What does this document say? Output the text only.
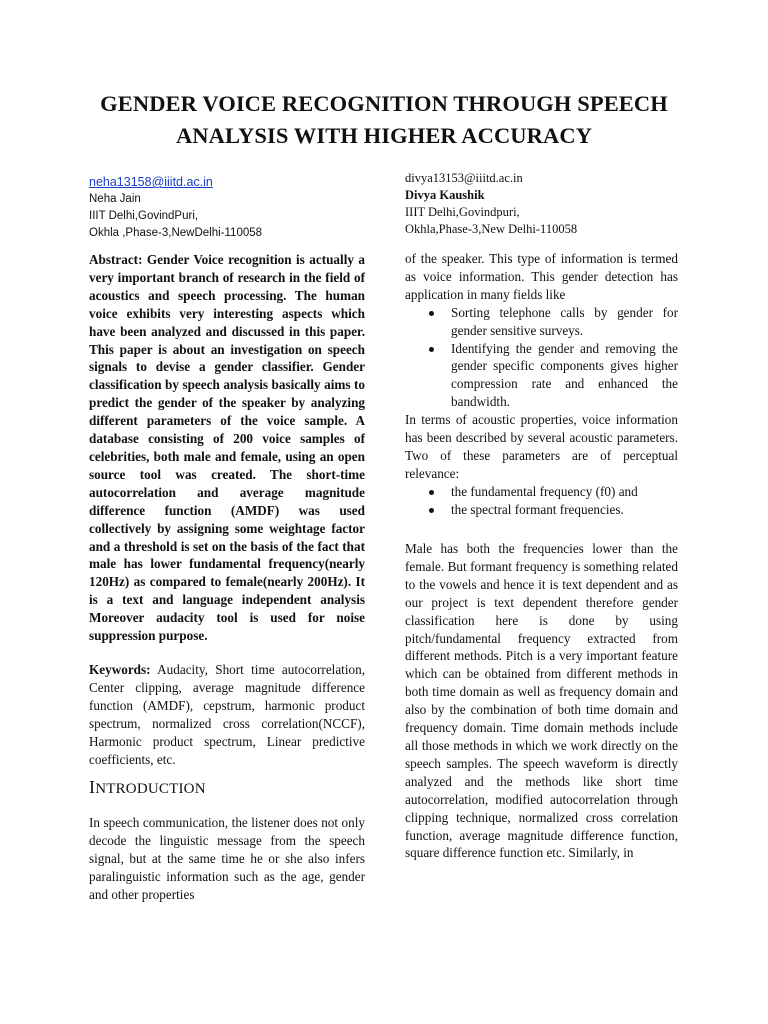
GENDER VOICE RECOGNITION THROUGH SPEECH
ANALYSIS WITH HIGHER ACCURACY
neha13158@iiitd.ac.in
Neha Jain
IIIT Delhi,GovindPuri,
Okhla ,Phase-3,NewDelhi-110058

Abstract: Gender Voice recognition is actually a very important branch of research in the field of acoustics and speech processing. The human voice exhibits very interesting aspects which have been analyzed and discussed in this paper. This paper is about an investigation on speech signals to devise a gender classifier. Gender classification by speech analysis basically aims to predict the gender of the speaker by analyzing different parameters of the voice sample. A database consisting of 200 voice samples of celebrities, both male and female, using an open source tool was created. The short-time autocorrelation and average magnitude difference function (AMDF) was used collectively by assigning some weightage factor and a threshold is set on the basis of the fact that male has lower fundamental frequency(nearly 120Hz) as compared to female(nearly 200Hz). It is a text and language independent analysis Moreover audacity tool is used for noise suppression purpose.

Keywords: Audacity, Short time autocorrelation, Center clipping, average magnitude difference function (AMDF), cepstrum, harmonic product spectrum, normalized cross correlation(NCCF), Harmonic product spectrum, Linear predictive coefficients, etc.

INTRODUCTION

In speech communication, the listener does not only decode the linguistic message from the speech signal, but at the same time he or she also infers paralinguistic information such as the age, gender and other properties

divya13153@iiitd.ac.in
Divya Kaushik
IIIT Delhi,Govindpuri,
Okhla,Phase-3,New Delhi-110058

of the speaker. This type of information is termed as voice information. This gender detection has application in many fields like

Sorting telephone calls by gender for gender sensitive surveys.
Identifying the gender and removing the gender specific components gives higher compression rate and enhanced the bandwidth.

In terms of acoustic properties, voice information has been described by several acoustic parameters. Two of these parameters are of perceptual relevance:

the fundamental frequency (f0) and
the spectral formant frequencies.

Male has both the frequencies lower than the female. But formant frequency is something related to the vowels and hence it is text dependent and as our project is text dependent therefore gender classification here is done by using pitch/fundamental frequency extracted from different methods. Pitch is a very important feature which can be obtained from different methods in both time domain as well as frequency domain and also by the combination of both time domain and frequency domain. Time domain methods include all those methods in which we work directly on the speech samples. The speech waveform is directly analyzed and the methods like short time autocorrelation, modified autocorrelation through clipping technique, normalized cross correlation function, average magnitude difference function, square difference function etc. Similarly, in
